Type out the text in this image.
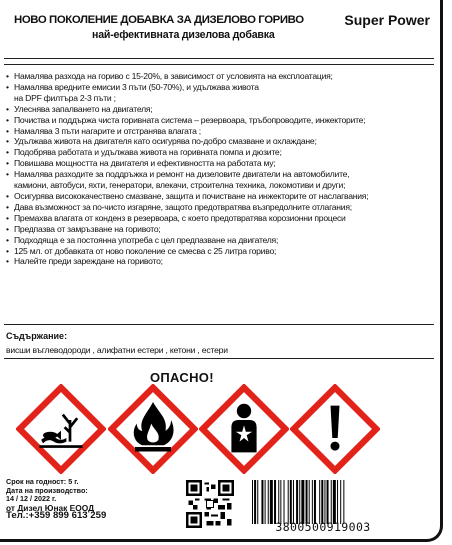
НОВО ПОКОЛЕНИЕ ДОБАВКА ЗА ДИЗЕЛОВО ГОРИВО	Super Power
най-ефективната дизелова добавка
• Намалява разхода на гориво с 15-20%, в зависимост от условията на експлоатация;
• Намалява вредните емисии 3 пъти (50-70%), и удължава живота
на DPF филтъра 2-3 пъти ;
• Улеснява запалването на двигателя;
• Почиства и поддържа чиста горивната система – резервоара, тръбопроводите, инжекторите;
• Намалява 3 пъти нагарите и отстранява влагата ;
• Удължава живота на двигателя като осигурява по-добро смазване и охлаждане;
• Подобрява работата и удължава живота на горивната помпа и дюзите;
• Повишава мощността на двигателя и ефективността на работата му;
• Намалява разходите за поддръжка и ремонт на дизеловите двигатели на автомобилите,
камиони, автобуси, яхти, генератори, влекачи, строителна техника, локомотиви и други;
• Осигурява висококачествено смазване, защита и почистване на инжекторите от наслагвания;
• Дава възможност за по-чисто изгаряне, защото предотвратява възпредолните отлагания;
• Премахва влагата от конденз в резервоара, с което предотвратява корозионни процеси
• Предпазва от замръзване на горивото;
• Подходяща е за постоянна употреба с цел предпазване на двигателя;
• 125 мл. от добавката от ново поколение се смесва с 25 литра гориво;
• Налейте преди зареждане на горивото;
Съдържание:
висши въглеводороди , алифатни естери , кетони , естери
ОПАСНО!
Срок на годност: 5 г.
Дата на производство:
14 / 12 / 2022 г.
от Дизел Юнак ЕООД
Тел.:+359 899 613 259
3800500919003
